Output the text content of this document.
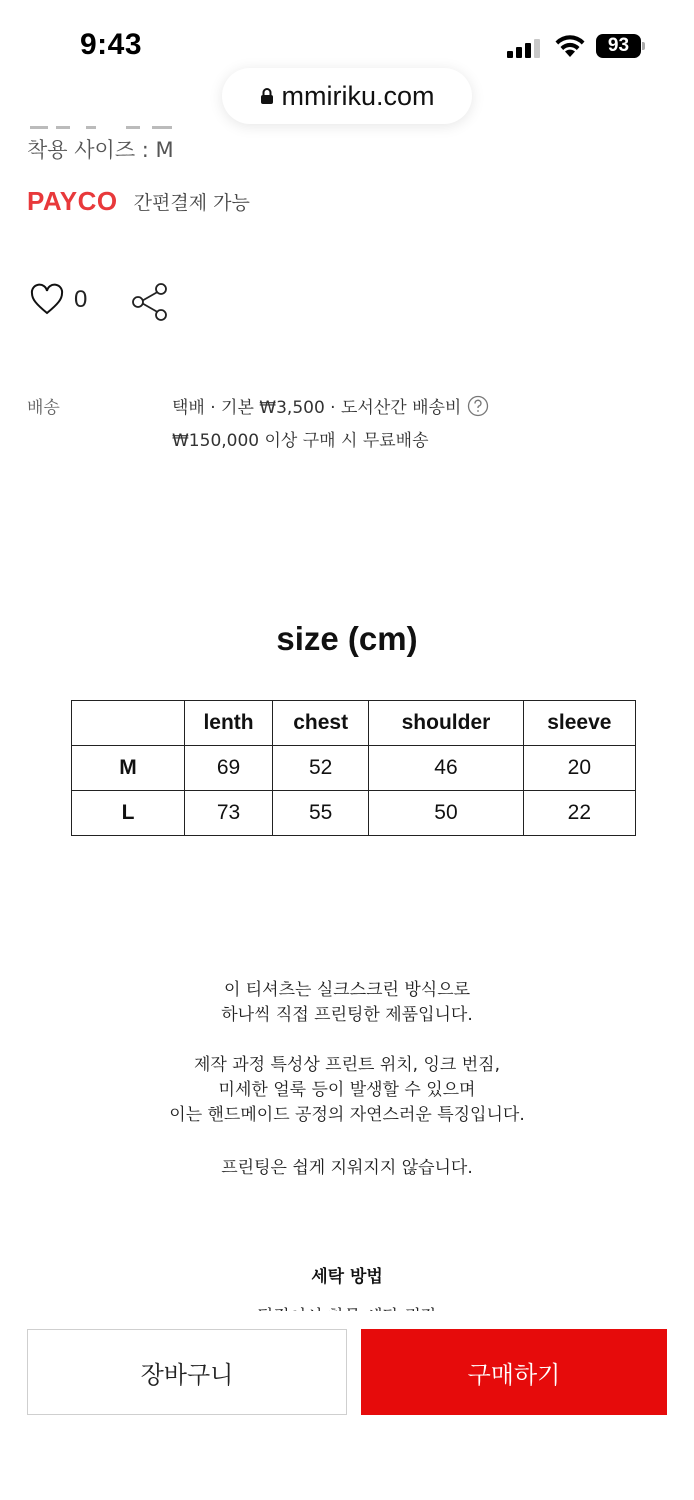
9:43	93
mmiriku.com
착용 사이즈 : M
PAYCO 간편결제 가능
0
배송	택배 · 기본 ₩3,500 · 도서산간 배송비
₩150,000 이상 구매 시 무료배송
size (cm)
	lenth	chest	shoulder	sleeve
M	69	52	46	20
L	73	55	50	22
이 티셔츠는 실크스크린 방식으로
하나씩 직접 프린팅한 제품입니다.
제작 과정 특성상 프린트 위치, 잉크 번짐,
미세한 얼룩 등이 발생할 수 있으며
이는 핸드메이드 공정의 자연스러운 특징입니다.
프린팅은 쉽게 지워지지 않습니다.
세탁 방법
장바구니	구매하기
